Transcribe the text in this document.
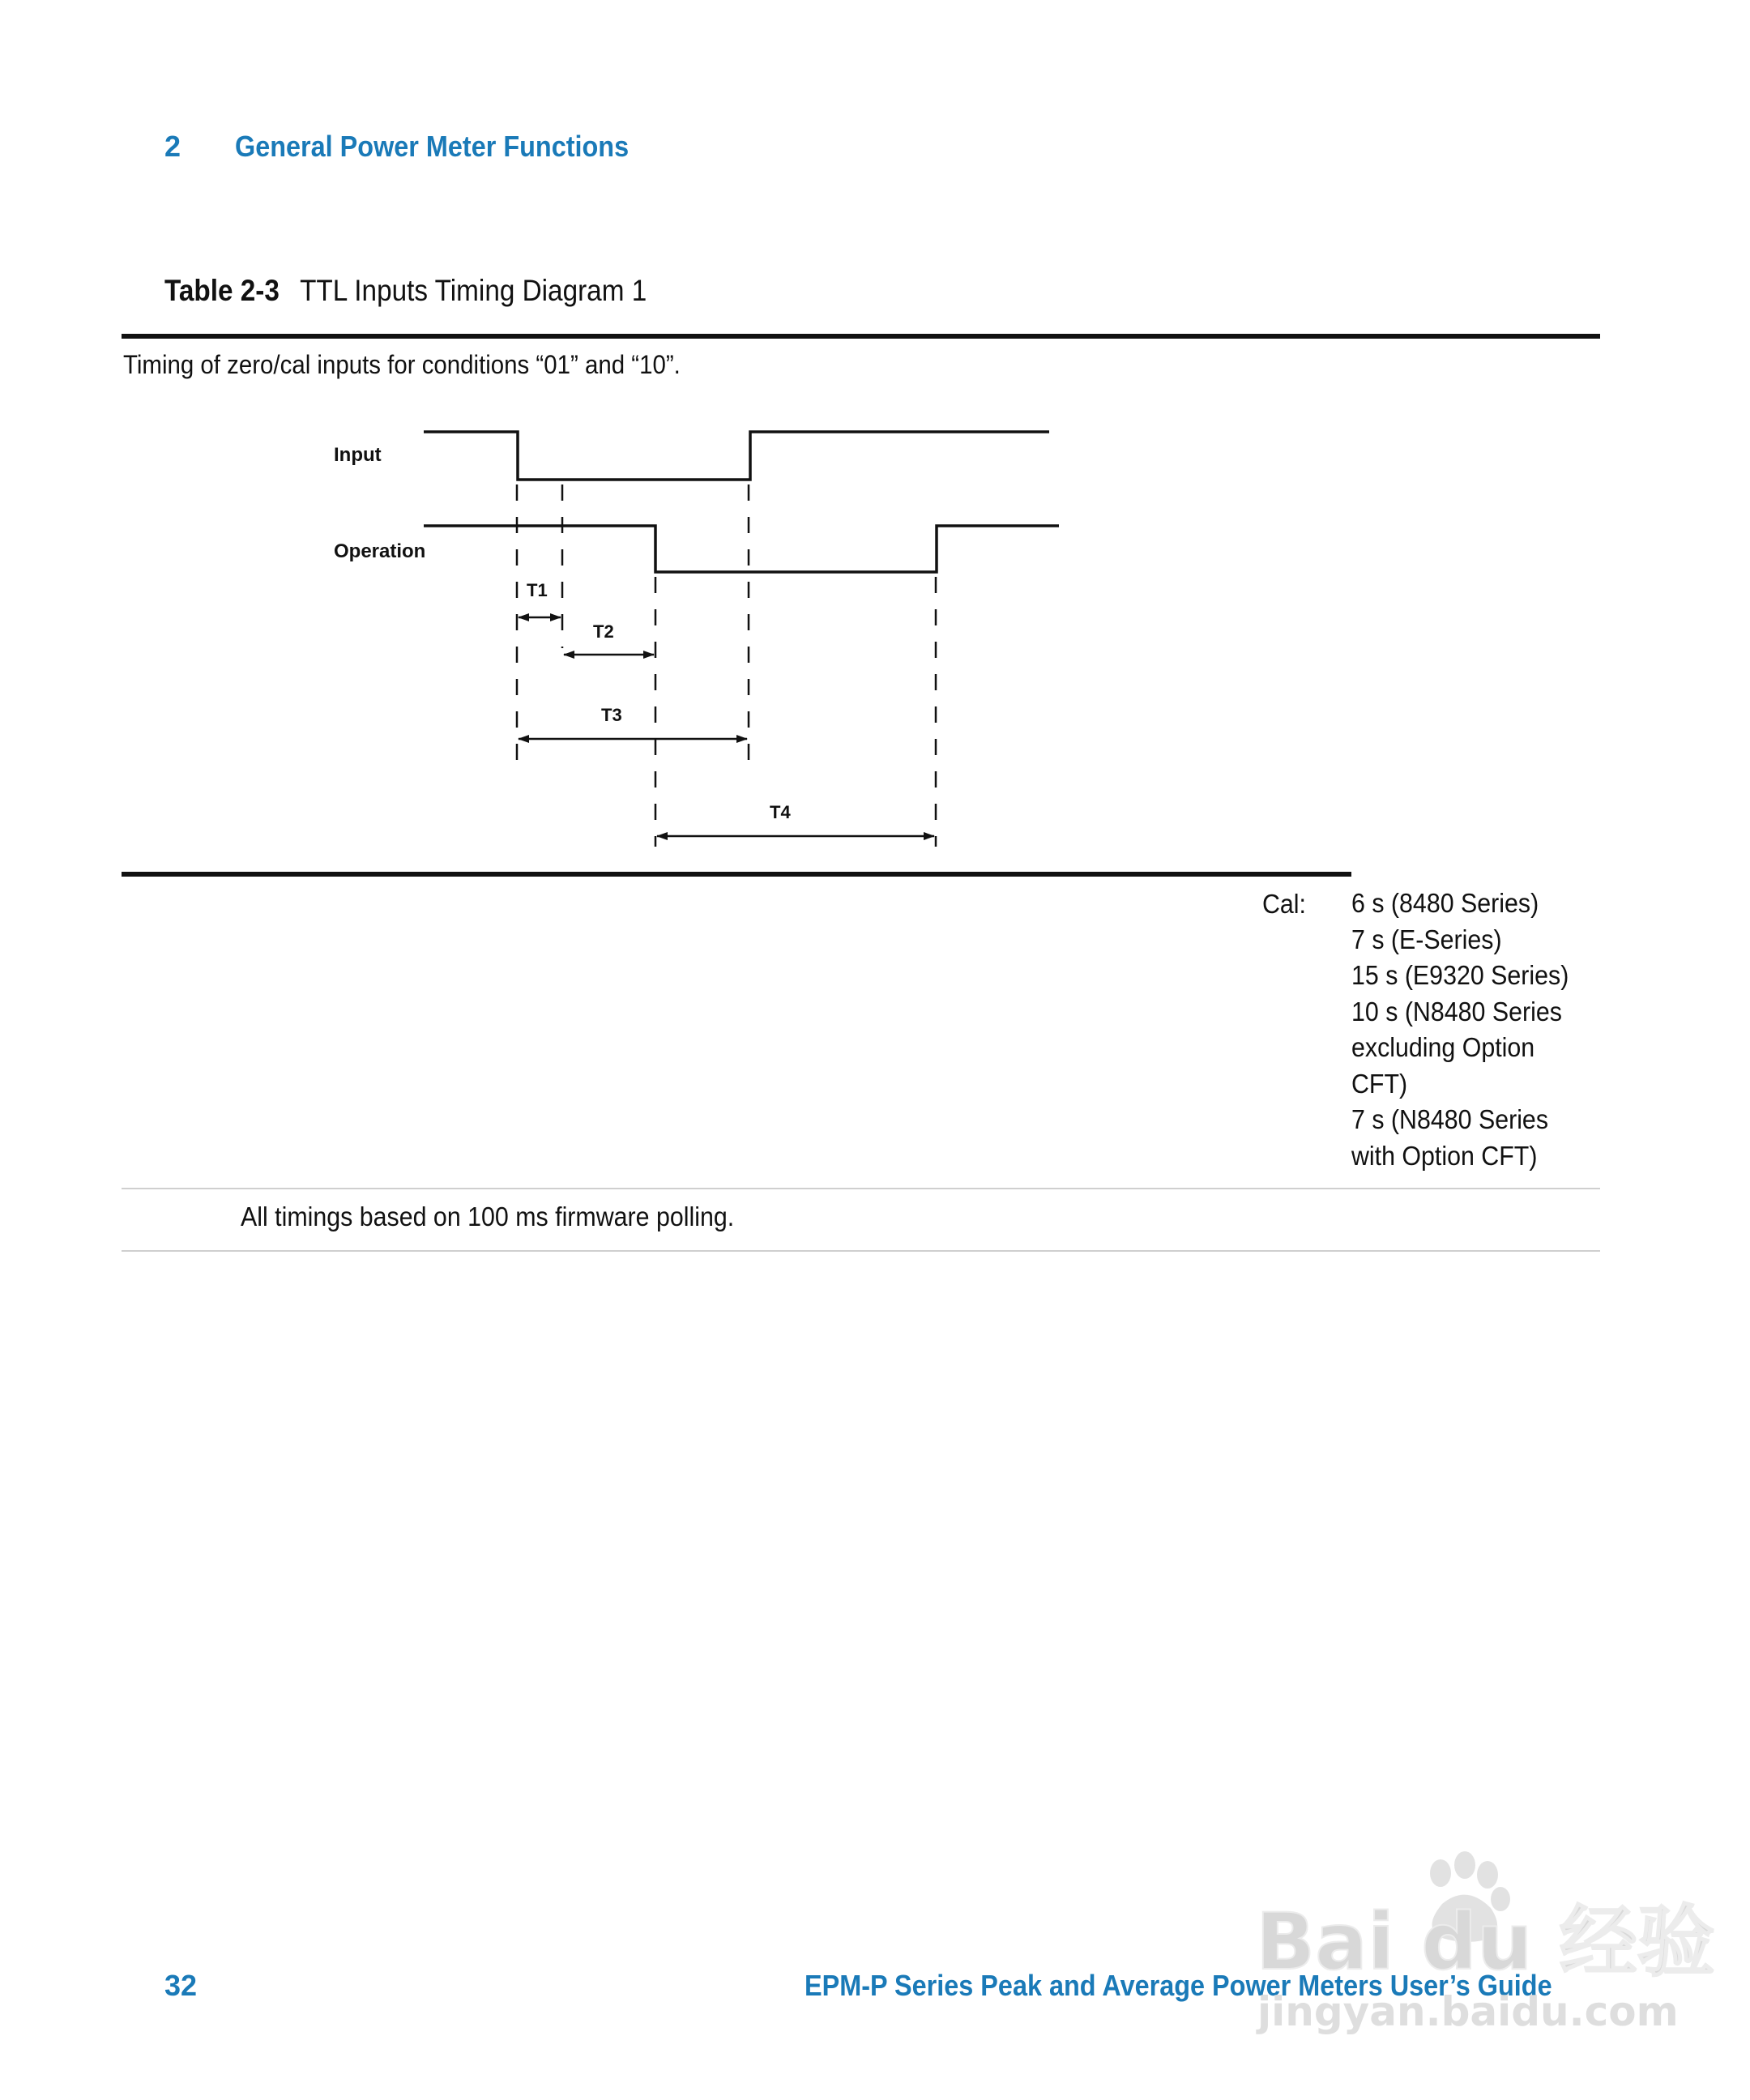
2 General Power Meter Functions
Table 2-3 TTL Inputs Timing Diagram 1
Timing of zero/cal inputs for conditions “01” and “10”.
Input
Operation
T1
T2
T3
T4
Cal: 6 s (8480 Series)
7 s (E-Series)
15 s (E9320 Series)
10 s (N8480 Series
excluding Option
CFT)
7 s (N8480 Series
with Option CFT)
All timings based on 100 ms firmware polling.
32	EPM-P Series Peak and Average Power Meters User’s Guide
Bai du 经验
jingyan.baidu.com
